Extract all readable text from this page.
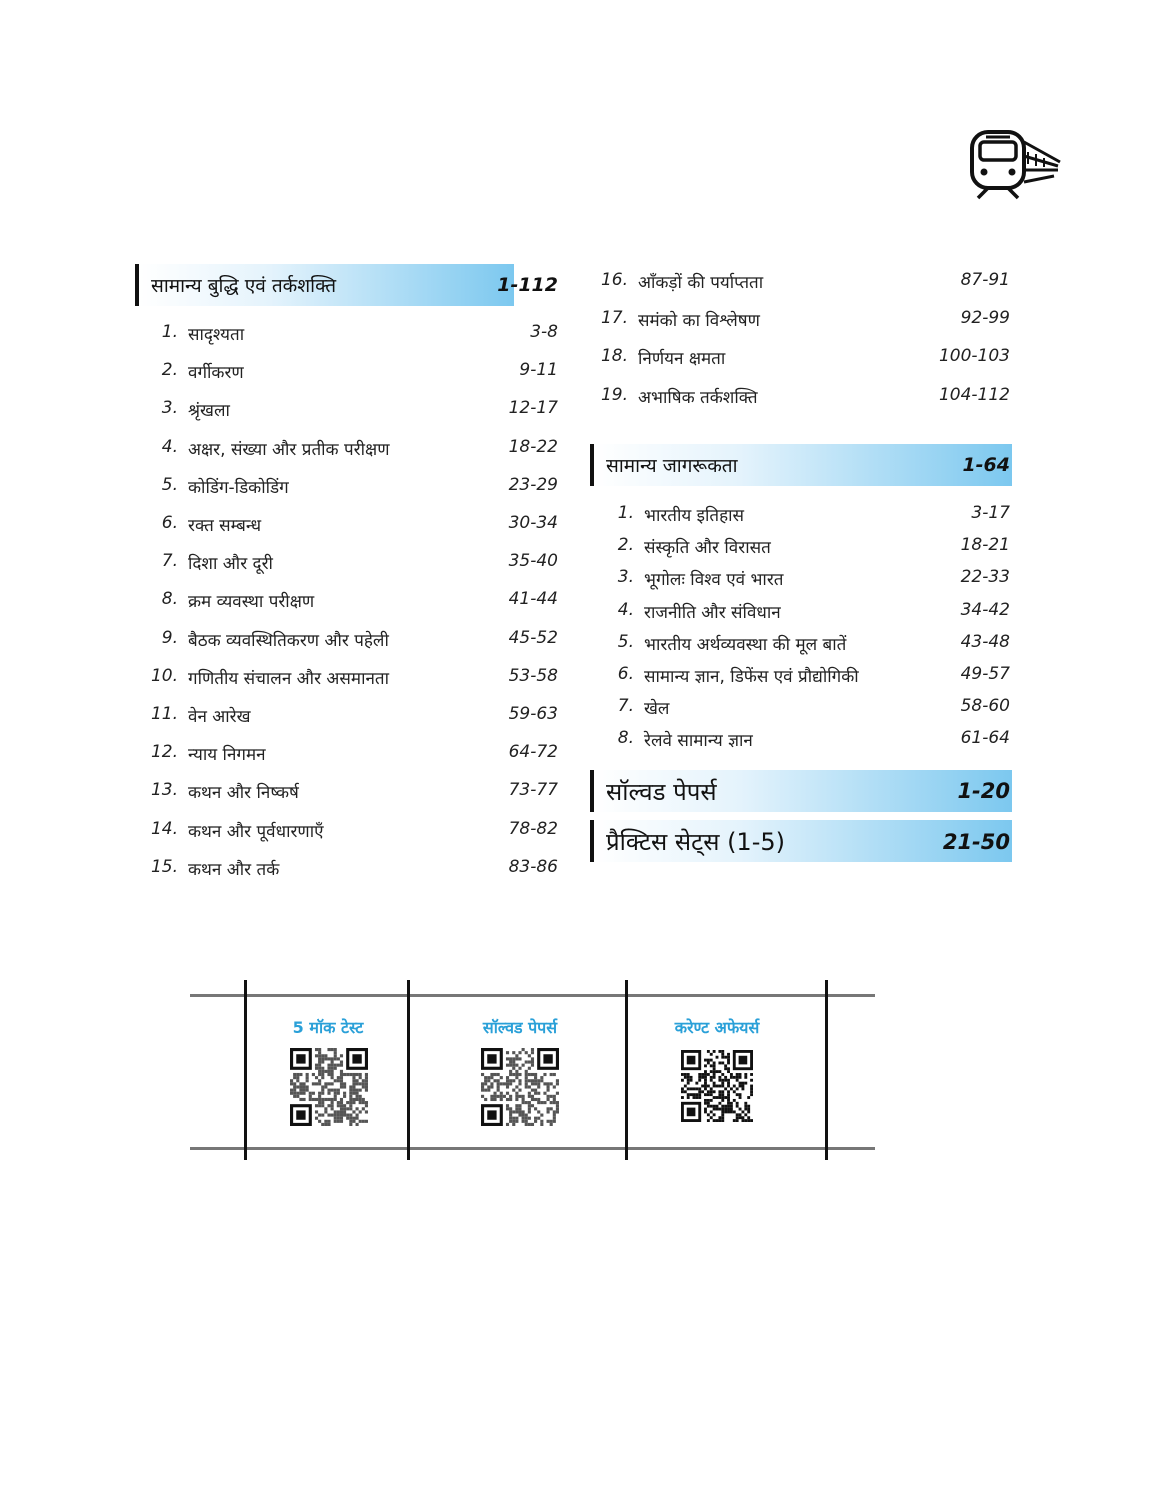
सामान्य बुद्धि एवं तर्कशक्ति	1-112
1. सादृश्यता	3-8
2. वर्गीकरण	9-11
3. श्रृंखला	12-17
4. अक्षर, संख्या और प्रतीक परीक्षण	18-22
5. कोडिंग-डिकोडिंग	23-29
6. रक्त सम्बन्ध	30-34
7. दिशा और दूरी	35-40
8. क्रम व्यवस्था परीक्षण	41-44
9. बैठक व्यवस्थितिकरण और पहेली	45-52
10. गणितीय संचालन और असमानता	53-58
11. वेन आरेख	59-63
12. न्याय निगमन	64-72
13. कथन और निष्कर्ष	73-77
14. कथन और पूर्वधारणाएँ	78-82
15. कथन और तर्क	83-86
16. आँकड़ों की पर्याप्तता	87-91
17. समंको का विश्लेषण	92-99
18. निर्णयन क्षमता	100-103
19. अभाषिक तर्कशक्ति	104-112
सामान्य जागरूकता	1-64
1. भारतीय इतिहास	3-17
2. संस्कृति और विरासत	18-21
3. भूगोलः विश्व एवं भारत	22-33
4. राजनीति और संविधान	34-42
5. भारतीय अर्थव्यवस्था की मूल बातें	43-48
6. सामान्य ज्ञान, डिफेंस एवं प्रौद्योगिकी	49-57
7. खेल	58-60
8. रेलवे सामान्य ज्ञान	61-64
सॉल्वड पेपर्स	1-20
प्रैक्टिस सेट्स (1-5)	21-50
5 मॉक टेस्ट	सॉल्वड पेपर्स	करेण्ट अफेयर्स
